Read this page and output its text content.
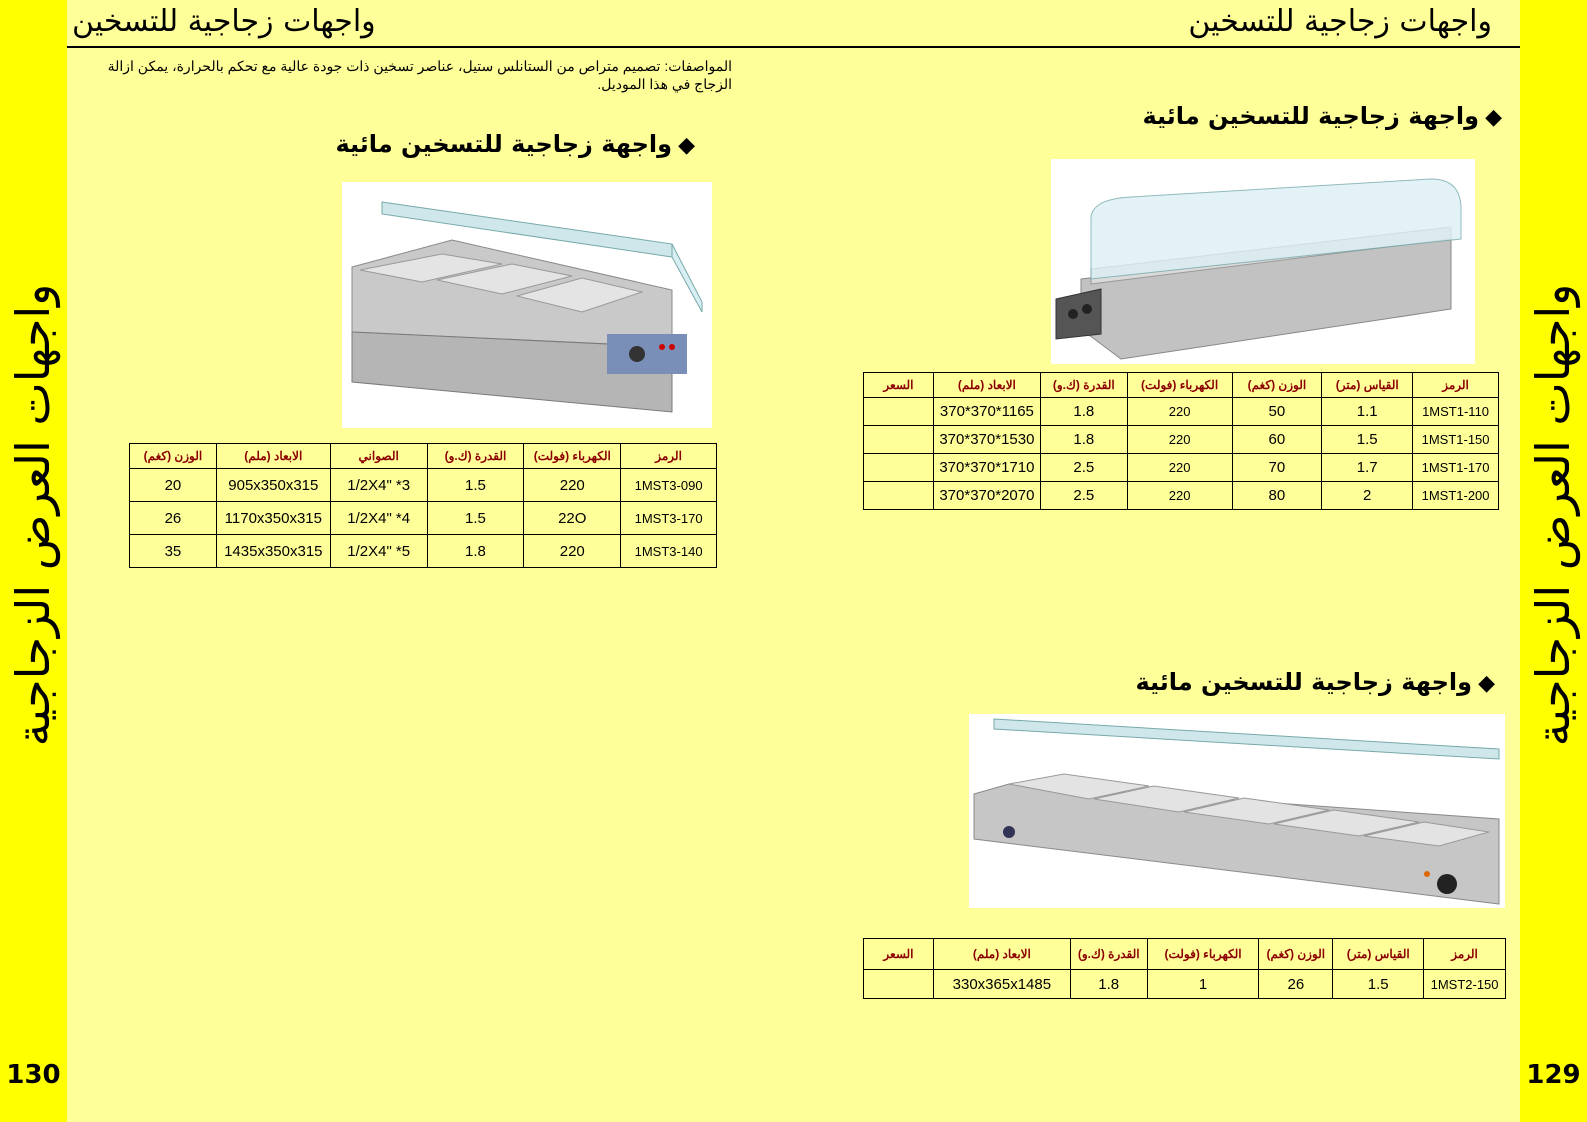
واجهات العرض الزجاجية
130
واجهات العرض الزجاجية
129
واجهات زجاجية للتسخين	واجهات زجاجية للتسخين
المواصفات: تصميم متراص من الستانلس ستيل، عناصر تسخين ذات جودة عالية مع تحكم بالحرارة، يمكن ازالة الزجاج في هذا الموديل.
◆واجهة زجاجية للتسخين مائية
الرمز	الكهرباء (فولت)	القدرة (ك.و)	الصواني	الابعاد (ملم)	الوزن (كغم)
1MST3-090	220	1.5	3* "1/2X4	905x350x315	20
1MST3-170	22O	1.5	4* "1/2X4	1170x350x315	26
1MST3-140	220	1.8	5* "1/2X4	1435x350x315	35
◆واجهة زجاجية للتسخين مائية
الرمز	القياس (متر)	الوزن (كغم)	الكهرباء (فولت)	القدرة (ك.و)	الابعاد (ملم)	السعر
1MST1-110	1.1	50	220	1.8	1165*370*370	
1MST1-150	1.5	60	220	1.8	1530*370*370	
1MST1-170	1.7	70	220	2.5	1710*370*370	
1MST1-200	2	80	220	2.5	2070*370*370	
◆واجهة زجاجية للتسخين مائية
الرمز	القياس (متر)	الوزن (كغم)	الكهرباء (فولت)	القدرة (ك.و)	الابعاد (ملم)	السعر
1MST2-150	1.5	26	1	1.8	330x365x1485	
